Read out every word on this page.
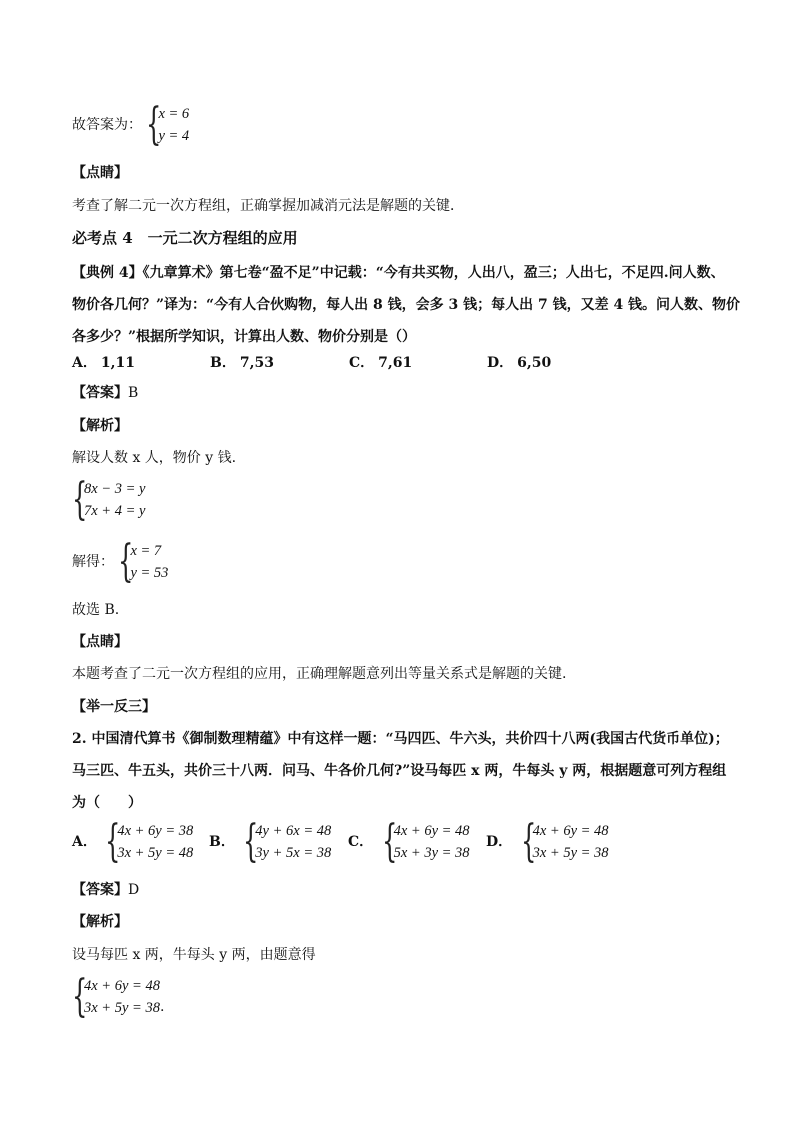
故答案为： {
x = 6
y = 4
【点睛】
考查了解二元一次方程组，正确掌握加减消元法是解题的关键．
必考点 4　一元二次方程组的应用
【典例 4】《九章算术》第七卷“盈不足”中记载：“今有共买物，人出八，盈三；人出七，不足四.问人数、
物价各几何？”译为：“今有人合伙购物，每人出 8 钱，会多 3 钱；每人出 7 钱，又差 4 钱。问人数、物价
各多少？”根据所学知识，计算出人数、物价分别是（）
A． 1,11	B． 7,53	C． 7,61	D． 6,50
【答案】B
【解析】
解设人数 x 人，物价 y 钱.
{
8x − 3 = y
7x + 4 = y
解得： {
x = 7
y = 53
故选 B.
【点睛】
本题考查了二元一次方程组的应用，正确理解题意列出等量关系式是解题的关键.
【举一反三】
2. 中国清代算书《御制数理精蕴》中有这样一题：“马四匹、牛六头，共价四十八两(我国古代货币单位)；
马三匹、牛五头，共价三十八两．问马、牛各价几何?”设马每匹 x 两，牛每头 y 两，根据题意可列方程组
为（　　）
A． {
4x + 6y = 38
3x + 5y = 48
B． {
4y + 6x = 48
3y + 5x = 38
C． {
4x + 6y = 48
5x + 3y = 38
D． {
4x + 6y = 48
3x + 5y = 38
【答案】D
【解析】
设马每匹 x 两，牛每头 y 两，由题意得
{
4x + 6y = 48
3x + 5y = 38 .
